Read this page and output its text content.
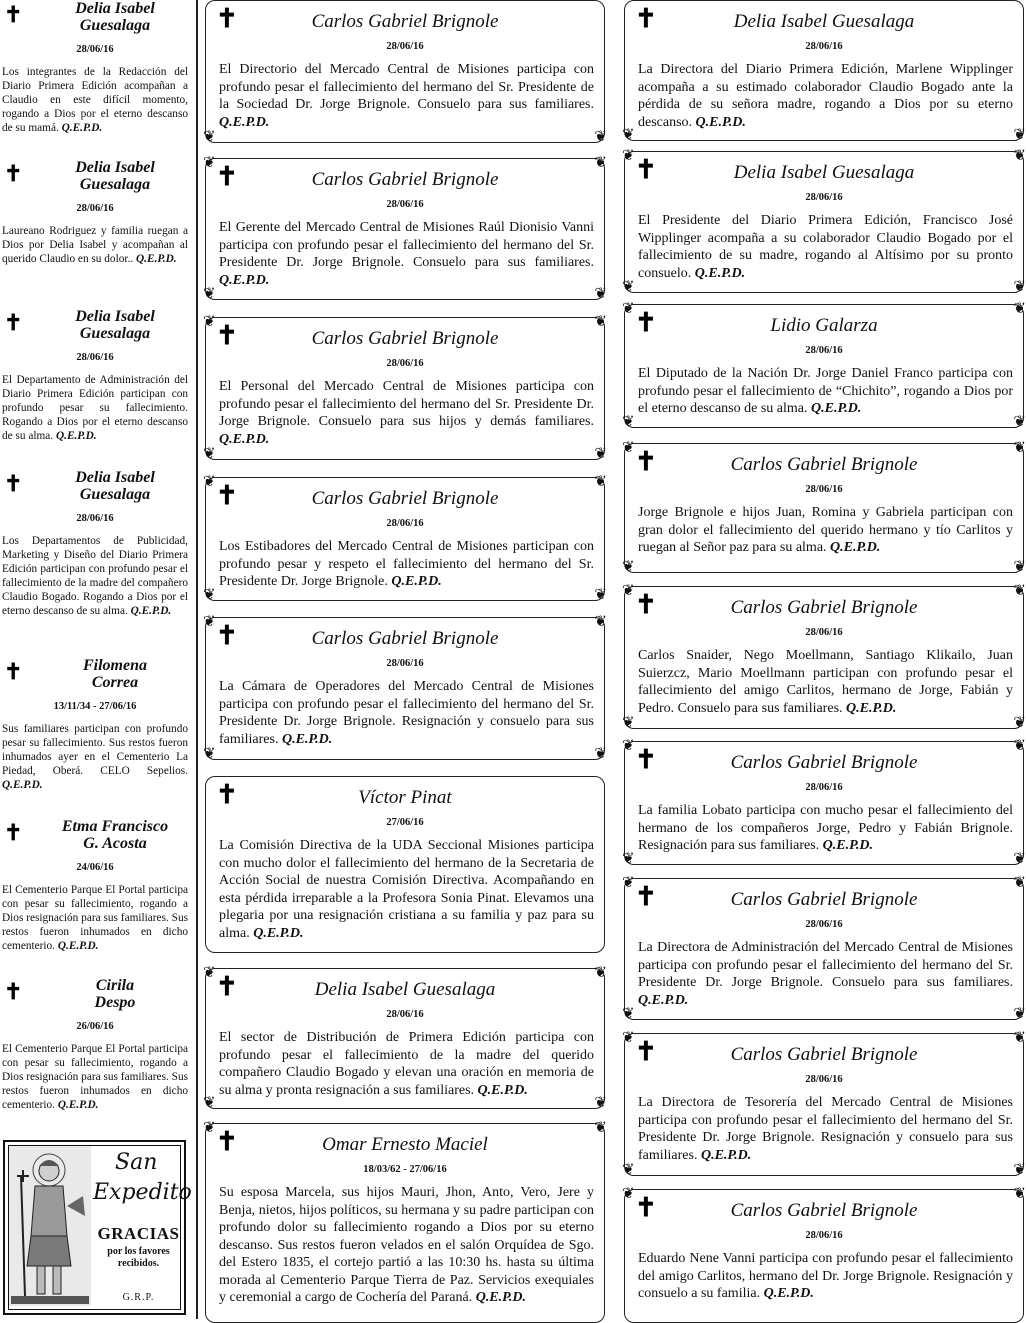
✝	Delia Isabel
Guesalaga
28/06/16
Los integrantes de la Redacción del Diario Primera Edición acompañan a Claudio en este difícil momento, rogando a Dios por el eterno descanso de su mamá. Q.E.P.D.
✝	Delia Isabel
Guesalaga
28/06/16
Laureano Rodriguez y familia ruegan a Dios por Delia Isabel y acompañan al querido Claudio en su dolor.. Q.E.P.D.
✝	Delia Isabel
Guesalaga
28/06/16
El Departamento de Administración del Diario Primera Edición participan con profundo pesar su fallecimiento. Rogando a Dios por el eterno descanso de su alma. Q.E.P.D.
✝	Delia Isabel
Guesalaga
28/06/16
Los Departamentos de Publicidad, Marketing y Diseño del Diario Primera Edición participan con profundo pesar el fallecimiento de la madre del compañero Claudio Bogado. Rogando a Dios por el eterno descanso de su alma. Q.E.P.D.
✝	Filomena
Correa
13/11/34 - 27/06/16
Sus familiares participan con profundo pesar su fallecimiento. Sus restos fueron inhumados ayer en el Cementerio La Piedad, Oberá. CELO Sepelios. Q.E.P.D.
✝	Etma Francisco
G. Acosta
24/06/16
El Cementerio Parque El Portal participa con pesar su fallecimiento, rogando a Dios resignación para sus familiares. Sus restos fueron inhumados en dicho cementerio. Q.E.P.D.
✝	Cirila
Despo
26/06/16
El Cementerio Parque El Portal participa con pesar su fallecimiento, rogando a Dios resignación para sus familiares. Sus restos fueron inhumados en dicho cementerio. Q.E.P.D.
San
Expedito
GRACIAS
por los favores recibidos.
G.R.P.
❦	❦
✝	Carlos Gabriel Brignole
28/06/16
El Directorio del Mercado Central de Misiones participa con profundo pesar el fallecimiento del hermano del Sr. Presidente de la Sociedad Dr. Jorge Brignole. Consuelo para sus familiares. Q.E.P.D.
❦	❦
❦	❦
✝	Carlos Gabriel Brignole
28/06/16
El Gerente del Mercado Central de Misiones Raúl Dionisio Vanni participa con profundo pesar el fallecimiento del hermano del Sr. Presidente Dr. Jorge Brignole. Consuelo para sus familiares. Q.E.P.D.
❦	❦
❦	❦
✝	Carlos Gabriel Brignole
28/06/16
El Personal del Mercado Central de Misiones participa con profundo pesar el fallecimiento del hermano del Sr. Presidente Dr. Jorge Brignole. Consuelo para sus hijos y demás familiares. Q.E.P.D.
❦	❦
❦	❦
✝	Carlos Gabriel Brignole
28/06/16
Los Estibadores del Mercado Central de Misiones participan con profundo pesar y respeto el fallecimiento del hermano del Sr. Presidente Dr. Jorge Brignole. Q.E.P.D.
❦	❦
❦	❦
✝	Carlos Gabriel Brignole
28/06/16
La Cámara de Operadores del Mercado Central de Misiones participa con profundo pesar el fallecimiento del hermano del Sr. Presidente Dr. Jorge Brignole. Resignación y consuelo para sus familiares. Q.E.P.D.
✝	Víctor Pinat
27/06/16
La Comisión Directiva de la UDA Seccional Misiones participa con mucho dolor el fallecimiento del hermano de la Secretaria de Acción Social de nuestra Comisión Directiva. Acompañando en esta pérdida irreparable a la Profesora Sonia Pinat. Elevamos una plegaria por una resignación cristiana a su familia y paz para su alma. Q.E.P.D.
❦	❦
❦	❦
✝	Delia Isabel Guesalaga
28/06/16
El sector de Distribución de Primera Edición participa con profundo pesar el fallecimiento de la madre del querido compañero Claudio Bogado y elevan una oración en memoria de su alma y pronta resignación a sus familiares. Q.E.P.D.
❦	❦
✝	Omar Ernesto Maciel
18/03/62 - 27/06/16
Su esposa Marcela, sus hijos Mauri, Jhon, Anto, Vero, Jere y Benja, nietos, hijos políticos, su hermana y su padre participan con profundo dolor su fallecimiento rogando a Dios por su eterno descanso. Sus restos fueron velados en el salón Orquídea de Sgo. del Estero 1835, el cortejo partió a las 10:30 hs. hasta su última morada al Cementerio Parque Tierra de Paz. Servicios exequiales y ceremonial a cargo de Cochería del Paraná. Q.E.P.D.
❦	❦
✝	Delia Isabel Guesalaga
28/06/16
La Directora del Diario Primera Edición, Marlene Wipplinger acompaña a su estimado colaborador Claudio Bogado ante la pérdida de su señora madre, rogando a Dios por su eterno descanso. Q.E.P.D.
❦	❦
❦	❦
✝	Delia Isabel Guesalaga
28/06/16
El Presidente del Diario Primera Edición, Francisco José Wipplinger acompaña a su colaborador Claudio Bogado por el fallecimiento de su madre, rogando al Altísimo por su pronto consuelo. Q.E.P.D.
❦	❦
❦	❦
✝	Lidio Galarza
28/06/16
El Diputado de la Nación Dr. Jorge Daniel Franco participa con profundo pesar el fallecimiento de “Chichito”, rogando a Dios por el eterno descanso de su alma. Q.E.P.D.
❦	❦
❦	❦
✝	Carlos Gabriel Brignole
28/06/16
Jorge Brignole e hijos Juan, Romina y Gabriela participan con gran dolor el fallecimiento del querido hermano y tío Carlitos y ruegan al Señor paz para su alma. Q.E.P.D.
❦	❦
❦	❦
✝	Carlos Gabriel Brignole
28/06/16
Carlos Snaider, Nego Moellmann, Santiago Klikailo, Juan Suierzcz, Mario Moellmann participan con profundo pesar el fallecimiento del amigo Carlitos, hermano de Jorge, Fabián y Pedro. Consuelo para sus familiares. Q.E.P.D.
❦	❦
❦	❦
✝	Carlos Gabriel Brignole
28/06/16
La familia Lobato participa con mucho pesar el fallecimiento del hermano de los compañeros Jorge, Pedro y Fabián Brignole. Resignación para sus familiares. Q.E.P.D.
❦	❦
❦	❦
✝	Carlos Gabriel Brignole
28/06/16
La Directora de Administración del Mercado Central de Misiones participa con profundo pesar el fallecimiento del hermano del Sr. Presidente Dr. Jorge Brignole. Consuelo para sus familiares. Q.E.P.D.
❦	❦
❦	❦
✝	Carlos Gabriel Brignole
28/06/16
La Directora de Tesorería del Mercado Central de Misiones participa con profundo pesar el fallecimiento del hermano del Sr. Presidente Dr. Jorge Brignole. Resignación y consuelo para sus familiares. Q.E.P.D.
❦	❦
✝	Carlos Gabriel Brignole
28/06/16
Eduardo Nene Vanni participa con profundo pesar el fallecimiento del amigo Carlitos, hermano del Dr. Jorge Brignole. Resignación y consuelo a su familia. Q.E.P.D.
